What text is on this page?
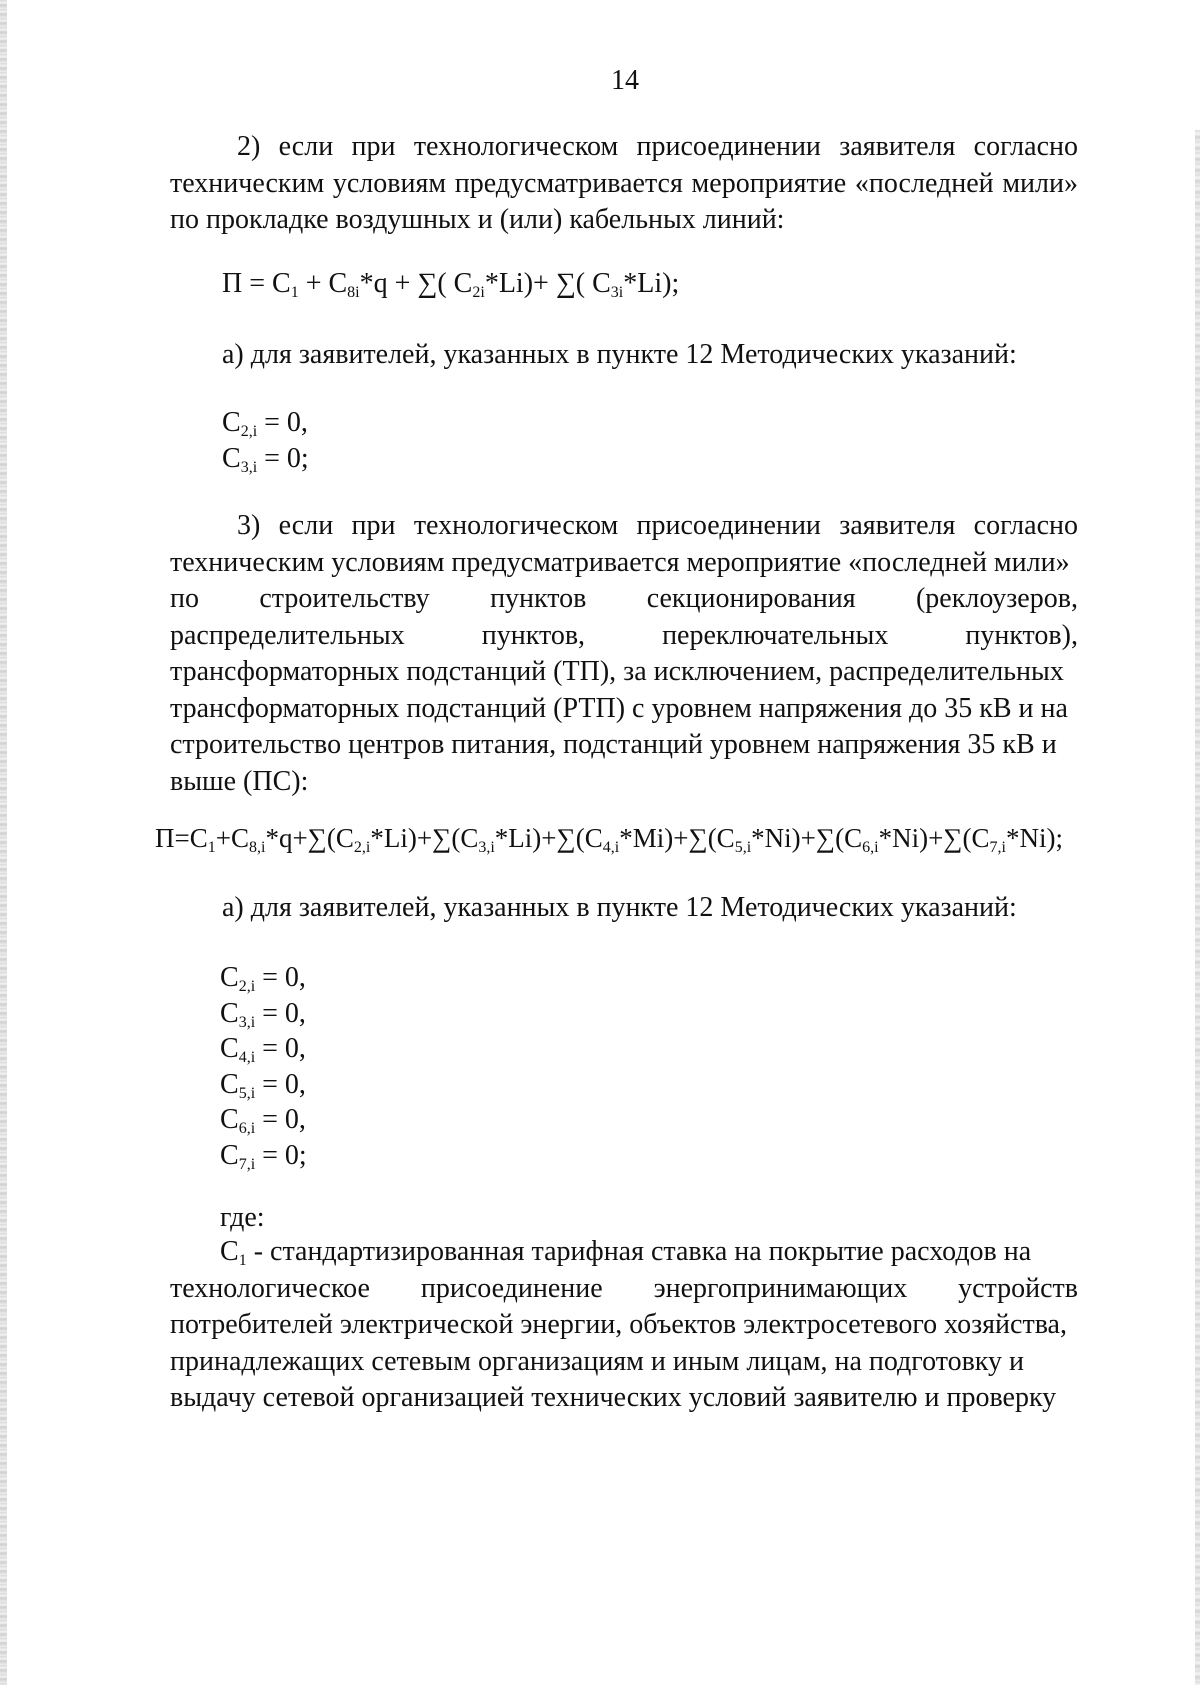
14
2) если при технологическом присоединении заявителя согласно техническим условиям предусматривается мероприятие «последней мили» по прокладке воздушных и (или) кабельных линий:
$П = C_1 + C_{8i}*q$ + ∑( $C_{2i}*Li)+$ ∑( $C_{3i}*Li$);
а) для заявителей, указанных в пункте 12 Методических указаний:
$C_{2,i} = 0$,
$C_{3,i} = 0$;
3) если при технологическом присоединении заявителя согласно
техническим условиям предусматривается мероприятие «последней мили»
по строительству пунктов секционирования (реклоузеров,
распределительных	пунктов,	переключательных	пунктов),
трансформаторных подстанций (ТП), за исключением, распределительных
трансформаторных подстанций (РТП) с уровнем напряжения до 35 кВ и на
строительство центров питания, подстанций уровнем напряжения 35 кВ и
выше (ПС):
$П=C_1+C_{8,i}*q+\sum(C_{2,i}*Li)+\sum(C_{3,i}*Li)+\sum(C_{4,i}*Mi)+\sum(C_{5,i}*Ni)+\sum(C_{6,i}*Ni)+\sum(C_{7,i}*Ni)$;
а) для заявителей, указанных в пункте 12 Методических указаний:
$C_{2,i} = 0$,
$C_{3,i} = 0$,
$C_{4,i} = 0$,
$C_{5,i} = 0$,
$C_{6,i} = 0$,
$C_{7,i} = 0$;
где:
$C_1$ - стандартизированная тарифная ставка на покрытие расходов на
технологическое присоединение энергопринимающих устройств
потребителей электрической энергии, объектов электросетевого хозяйства,
принадлежащих сетевым организациям и иным лицам, на подготовку и
выдачу сетевой организацией технических условий заявителю и проверку
